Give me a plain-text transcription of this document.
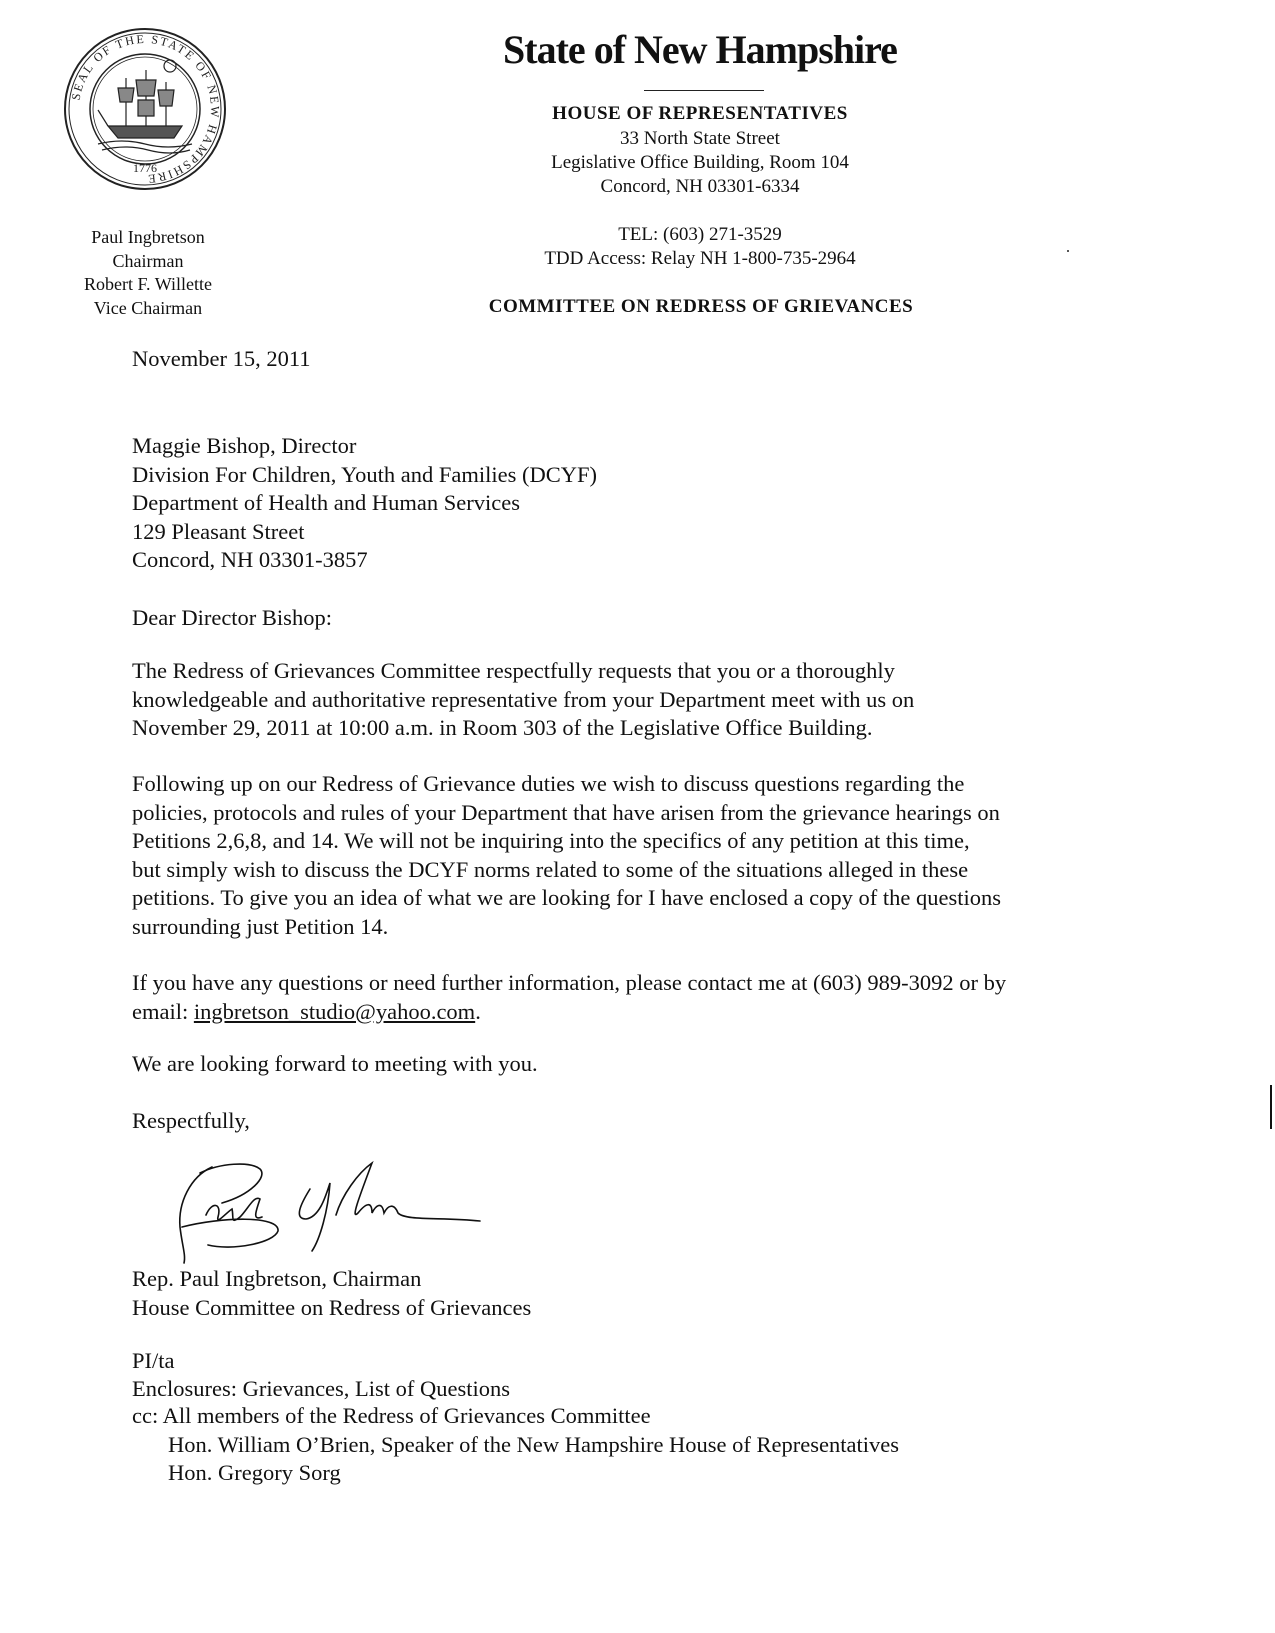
SEAL OF THE STATE OF NEW HAMPSHIRE
1776
State of New Hampshire
HOUSE OF REPRESENTATIVES
33 North State Street
Legislative Office Building, Room 104
Concord, NH 03301-6334
TEL: (603) 271-3529
TDD Access: Relay NH 1-800-735-2964
COMMITTEE ON REDRESS OF GRIEVANCES
Paul Ingbretson
Chairman
Robert F. Willette
Vice Chairman
November 15, 2011
Maggie Bishop, Director
Division For Children, Youth and Families (DCYF)
Department of Health and Human Services
129 Pleasant Street
Concord, NH 03301-3857
Dear Director Bishop:
The Redress of Grievances Committee respectfully requests that you or a thoroughly
knowledgeable and authoritative representative from your Department meet with us on
November 29, 2011 at 10:00 a.m. in Room 303 of the Legislative Office Building.
Following up on our Redress of Grievance duties we wish to discuss questions regarding the
policies, protocols and rules of your Department that have arisen from the grievance hearings on
Petitions 2,6,8, and 14. We will not be inquiring into the specifics of any petition at this time,
but simply wish to discuss the DCYF norms related to some of the situations alleged in these
petitions. To give you an idea of what we are looking for I have enclosed a copy of the questions
surrounding just Petition 14.
If you have any questions or need further information, please contact me at (603) 989-3092 or by
email: ingbretson_studio@yahoo.com.
We are looking forward to meeting with you.
Respectfully,
Rep. Paul Ingbretson, Chairman
House Committee on Redress of Grievances
PI/ta
Enclosures: Grievances, List of Questions
cc: All members of the Redress of Grievances Committee
Hon. William O’Brien, Speaker of the New Hampshire House of Representatives
Hon. Gregory Sorg
